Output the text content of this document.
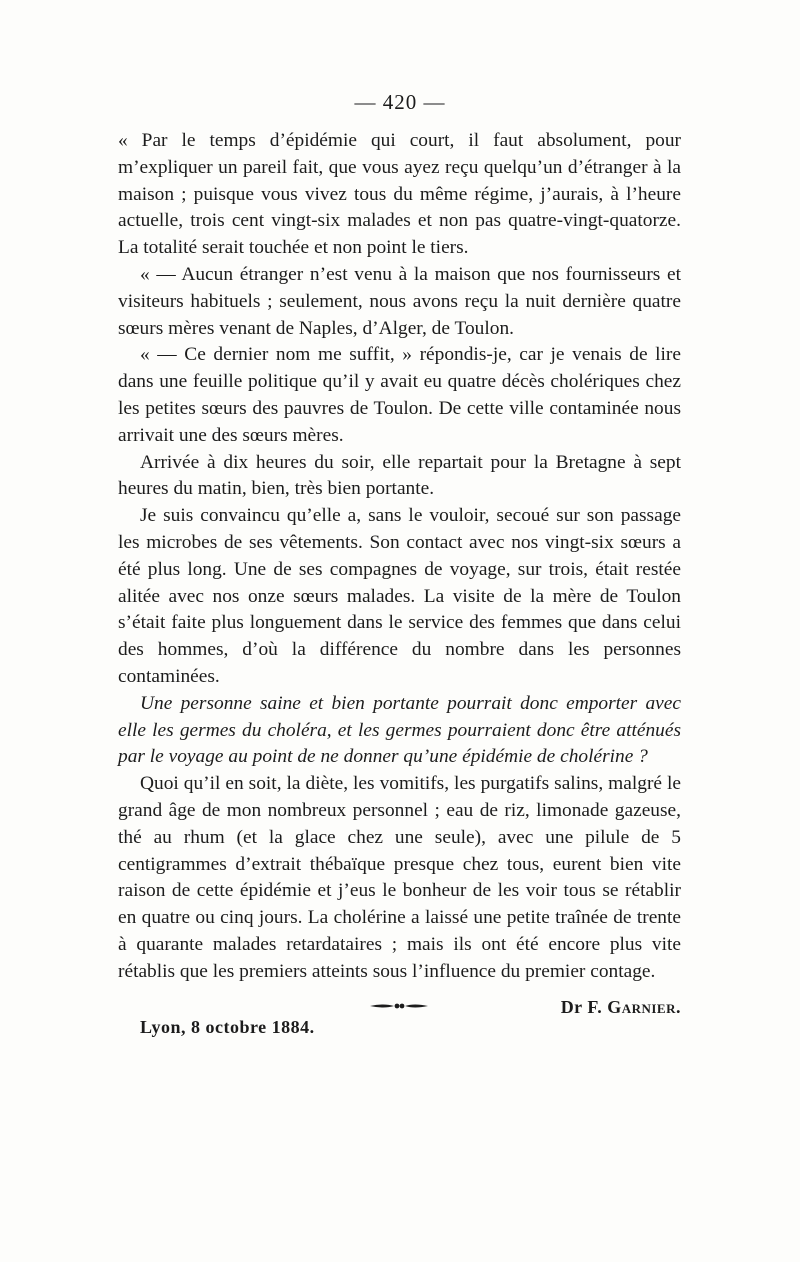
— 420 —

« Par le temps d’épidémie qui court, il faut absolument, pour m’expliquer un pareil fait, que vous ayez reçu quelqu’un d’étranger à la maison ; puisque vous vivez tous du même régime, j’aurais, à l’heure actuelle, trois cent vingt-six malades et non pas quatre-vingt-quatorze. La totalité serait touchée et non point le tiers.

« — Aucun étranger n’est venu à la maison que nos fournisseurs et visiteurs habituels ; seulement, nous avons reçu la nuit dernière quatre sœurs mères venant de Naples, d’Alger, de Toulon.

« — Ce dernier nom me suffit, » répondis-je, car je venais de lire dans une feuille politique qu’il y avait eu quatre décès cholériques chez les petites sœurs des pauvres de Toulon. De cette ville contaminée nous arrivait une des sœurs mères.

Arrivée à dix heures du soir, elle repartait pour la Bretagne à sept heures du matin, bien, très bien portante.

Je suis convaincu qu’elle a, sans le vouloir, secoué sur son passage les microbes de ses vêtements. Son contact avec nos vingt-six sœurs a été plus long. Une de ses compagnes de voyage, sur trois, était restée alitée avec nos onze sœurs malades. La visite de la mère de Toulon s’était faite plus longuement dans le service des femmes que dans celui des hommes, d’où la différence du nombre dans les personnes contaminées.

Une personne saine et bien portante pourrait donc emporter avec elle les germes du choléra, et les germes pourraient donc être atténués par le voyage au point de ne donner qu’une épidémie de cholérine ?

Quoi qu’il en soit, la diète, les vomitifs, les purgatifs salins, malgré le grand âge de mon nombreux personnel ; eau de riz, limonade gazeuse, thé au rhum (et la glace chez une seule), avec une pilule de 5 centigrammes d’extrait thébaïque presque chez tous, eurent bien vite raison de cette épidémie et j’eus le bonheur de les voir tous se rétablir en quatre ou cinq jours. La cholérine a laissé une petite traînée de trente à quarante malades retardataires ; mais ils ont été encore plus vite rétablis que les premiers atteints sous l’influence du premier contage.

Dr F. Garnier.
Lyon, 8 octobre 1884.
